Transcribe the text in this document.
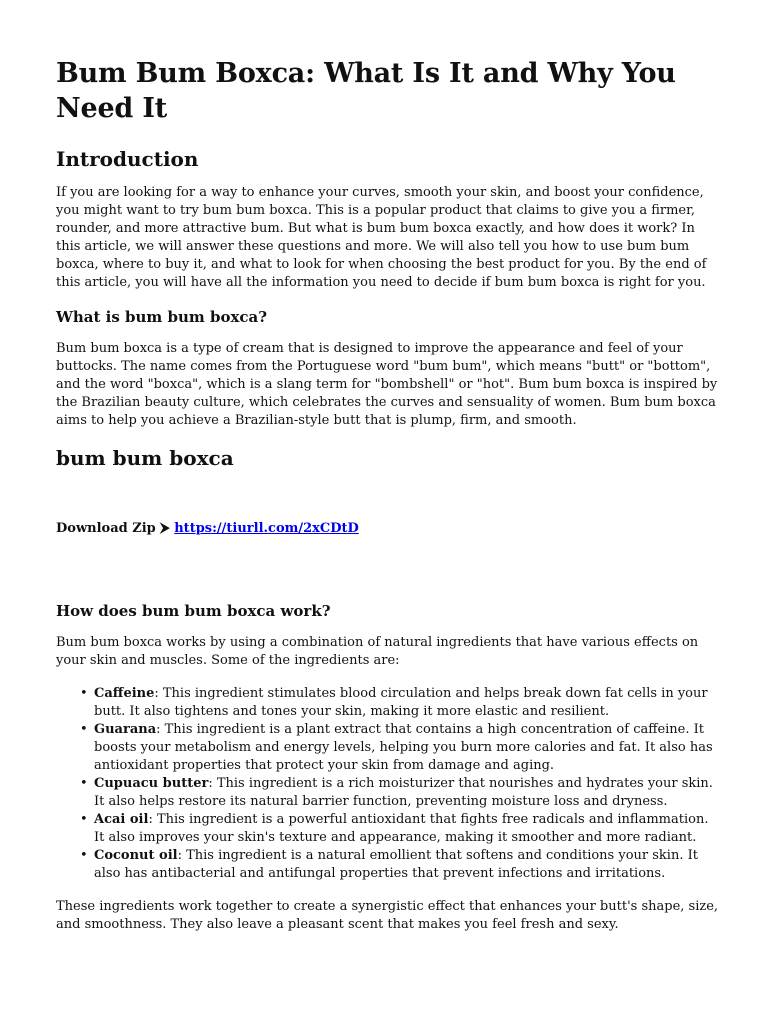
Bum Bum Boxca: What Is It and Why You Need It
Introduction

If you are looking for a way to enhance your curves, smooth your skin, and boost your confidence, you might want to try bum bum boxca. This is a popular product that claims to give you a firmer, rounder, and more attractive bum. But what is bum bum boxca exactly, and how does it work? In this article, we will answer these questions and more. We will also tell you how to use bum bum boxca, where to buy it, and what to look for when choosing the best product for you. By the end of this article, you will have all the information you need to decide if bum bum boxca is right for you.

What is bum bum boxca?

Bum bum boxca is a type of cream that is designed to improve the appearance and feel of your buttocks. The name comes from the Portuguese word "bum bum", which means "butt" or "bottom", and the word "boxca", which is a slang term for "bombshell" or "hot". Bum bum boxca is inspired by the Brazilian beauty culture, which celebrates the curves and sensuality of women. Bum bum boxca aims to help you achieve a Brazilian-style butt that is plump, firm, and smooth.

bum bum boxca
Download Zip ⮞ https://tiurll.com/2xCDtD
How does bum bum boxca work?

Bum bum boxca works by using a combination of natural ingredients that have various effects on your skin and muscles. Some of the ingredients are:

• Caffeine: This ingredient stimulates blood circulation and helps break down fat cells in your butt. It also tightens and tones your skin, making it more elastic and resilient.
• Guarana: This ingredient is a plant extract that contains a high concentration of caffeine. It boosts your metabolism and energy levels, helping you burn more calories and fat. It also has antioxidant properties that protect your skin from damage and aging.
• Cupuacu butter: This ingredient is a rich moisturizer that nourishes and hydrates your skin. It also helps restore its natural barrier function, preventing moisture loss and dryness.
• Acai oil: This ingredient is a powerful antioxidant that fights free radicals and inflammation. It also improves your skin's texture and appearance, making it smoother and more radiant.
• Coconut oil: This ingredient is a natural emollient that softens and conditions your skin. It also has antibacterial and antifungal properties that prevent infections and irritations.

These ingredients work together to create a synergistic effect that enhances your butt's shape, size, and smoothness. They also leave a pleasant scent that makes you feel fresh and sexy.
